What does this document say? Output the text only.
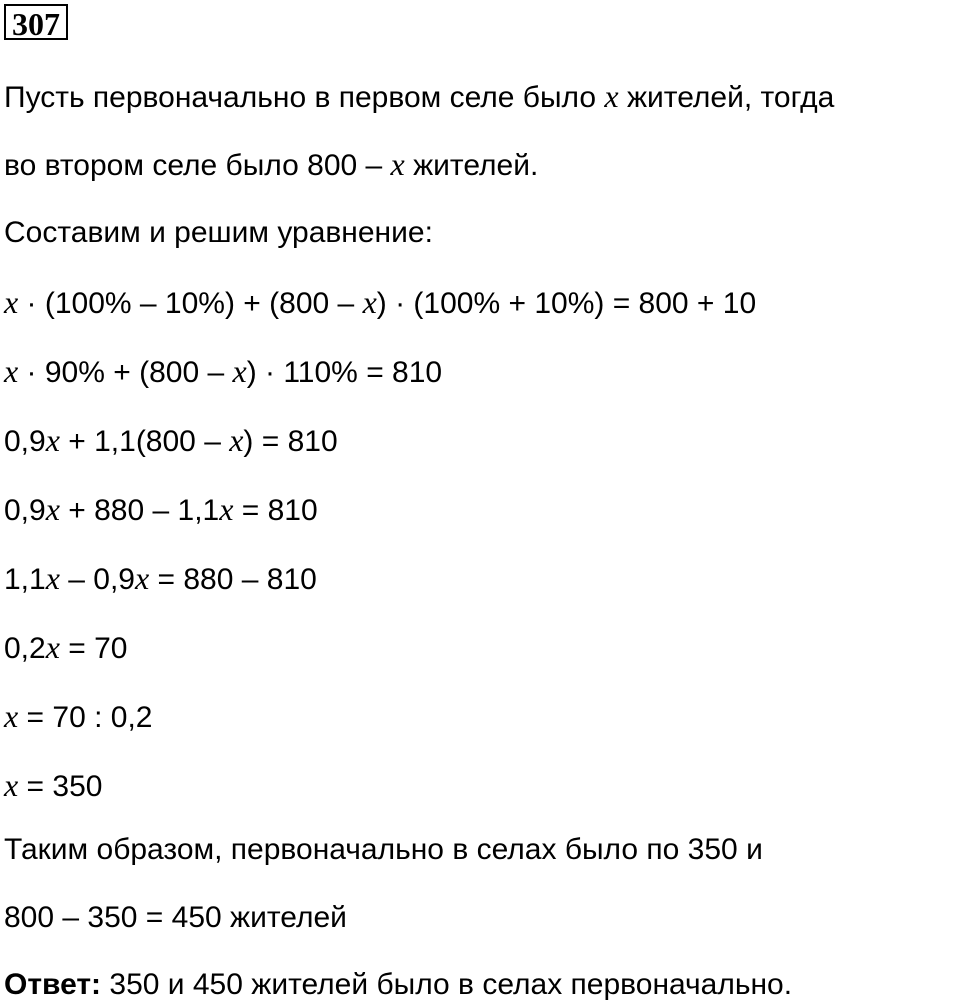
307
Пусть первоначально в первом селе было x жителей, тогда
во втором селе было 800 – x жителей.
Составим и решим уравнение:
x · (100% – 10%) + (800 – x) · (100% + 10%) = 800 + 10
x · 90% + (800 – x) · 110% = 810
0,9x + 1,1(800 – x) = 810
0,9x + 880 – 1,1x = 810
1,1x – 0,9x = 880 – 810
0,2x = 70
x = 70 : 0,2
x = 350
Таким образом, первоначально в селах было по 350 и
800 – 350 = 450 жителей
Ответ: 350 и 450 жителей было в селах первоначально.
